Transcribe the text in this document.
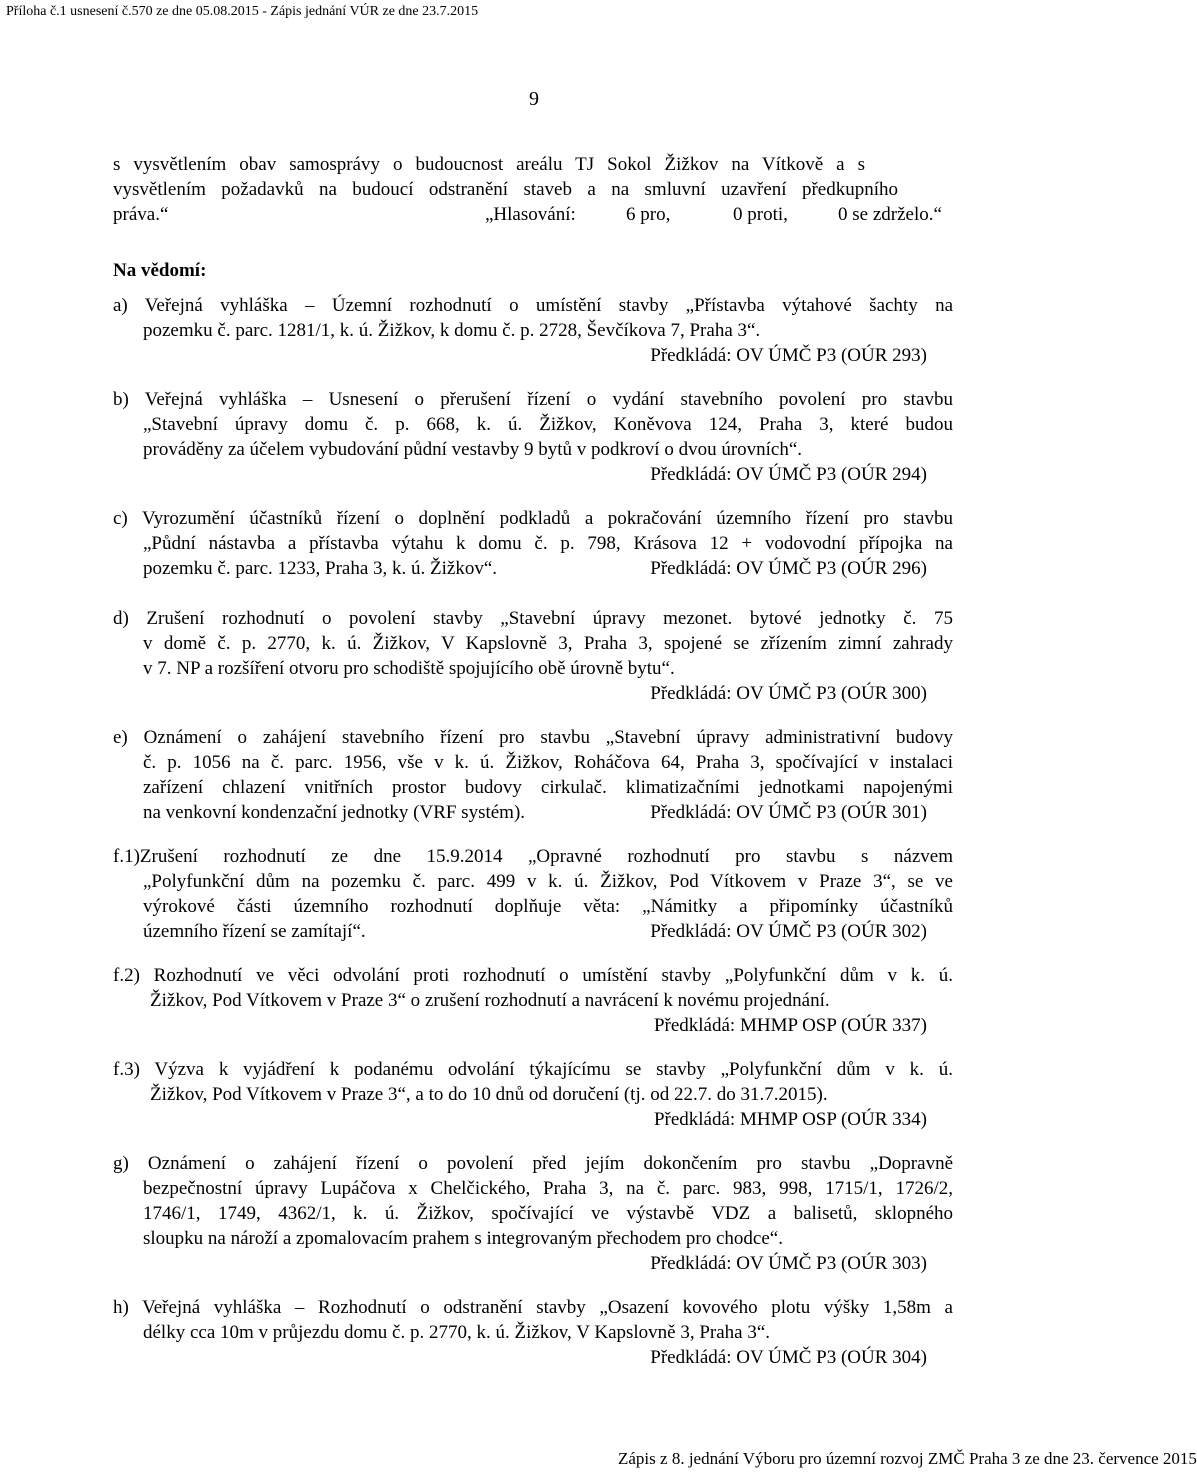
Příloha č.1 usnesení č.570 ze dne 05.08.2015 - Zápis jednání VÚR ze dne 23.7.2015
9
s vysvětlením obav samosprávy o budoucnost areálu TJ Sokol Žižkov na Vítkově a s
vysvětlením požadavků na budoucí odstranění staveb a na smluvní uzavření předkupního
práva.“	„Hlasování:	6 pro,	0 proti,	0 se zdrželo.“
Na vědomí:
a) Veřejná vyhláška – Územní rozhodnutí o umístění stavby „Přístavba výtahové šachty na
pozemku č. parc. 1281/1, k. ú. Žižkov, k domu č. p. 2728, Ševčíkova 7, Praha 3“.
Předkládá: OV ÚMČ P3 (OÚR 293)
b) Veřejná vyhláška – Usnesení o přerušení řízení o vydání stavebního povolení pro stavbu
„Stavební úpravy domu č. p. 668, k. ú. Žižkov, Koněvova 124, Praha 3, které budou
prováděny za účelem vybudování půdní vestavby 9 bytů v podkroví o dvou úrovních“.
Předkládá: OV ÚMČ P3 (OÚR 294)
c) Vyrozumění účastníků řízení o doplnění podkladů a pokračování územního řízení pro stavbu
„Půdní nástavba a přístavba výtahu k domu č. p. 798, Krásova 12 + vodovodní přípojka na
pozemku č. parc. 1233, Praha 3, k. ú. Žižkov“.	Předkládá: OV ÚMČ P3 (OÚR 296)
d) Zrušení rozhodnutí o povolení stavby „Stavební úpravy mezonet. bytové jednotky č. 75
v domě č. p. 2770, k. ú. Žižkov, V Kapslovně 3, Praha 3, spojené se zřízením zimní zahrady
v 7. NP a rozšíření otvoru pro schodiště spojujícího obě úrovně bytu“.
Předkládá: OV ÚMČ P3 (OÚR 300)
e) Oznámení o zahájení stavebního řízení pro stavbu „Stavební úpravy administrativní budovy
č. p. 1056 na č. parc. 1956, vše v k. ú. Žižkov, Roháčova 64, Praha 3, spočívající v instalaci
zařízení chlazení vnitřních prostor budovy cirkulač. klimatizačními jednotkami napojenými
na venkovní kondenzační jednotky (VRF systém).	Předkládá: OV ÚMČ P3 (OÚR 301)
f.1)Zrušení rozhodnutí ze dne 15.9.2014 „Opravné rozhodnutí pro stavbu s názvem
„Polyfunkční dům na pozemku č. parc. 499 v k. ú. Žižkov, Pod Vítkovem v Praze 3“, se ve
výrokové části územního rozhodnutí doplňuje věta: „Námitky a připomínky účastníků
územního řízení se zamítají“.	Předkládá: OV ÚMČ P3 (OÚR 302)
f.2) Rozhodnutí ve věci odvolání proti rozhodnutí o umístění stavby „Polyfunkční dům v k. ú.
Žižkov, Pod Vítkovem v Praze 3“ o zrušení rozhodnutí a navrácení k novému projednání.
Předkládá: MHMP OSP (OÚR 337)
f.3) Výzva k vyjádření k podanému odvolání týkajícímu se stavby „Polyfunkční dům v k. ú.
Žižkov, Pod Vítkovem v Praze 3“, a to do 10 dnů od doručení (tj. od 22.7. do 31.7.2015).
Předkládá: MHMP OSP (OÚR 334)
g) Oznámení o zahájení řízení o povolení před jejím dokončením pro stavbu „Dopravně
bezpečnostní úpravy Lupáčova x Chelčického, Praha 3, na č. parc. 983, 998, 1715/1, 1726/2,
1746/1, 1749, 4362/1, k. ú. Žižkov, spočívající ve výstavbě VDZ a balisetů, sklopného
sloupku na nároží a zpomalovacím prahem s integrovaným přechodem pro chodce“.
Předkládá: OV ÚMČ P3 (OÚR 303)
h) Veřejná vyhláška – Rozhodnutí o odstranění stavby „Osazení kovového plotu výšky 1,58m a
délky cca 10m v průjezdu domu č. p. 2770, k. ú. Žižkov, V Kapslovně 3, Praha 3“.
Předkládá: OV ÚMČ P3 (OÚR 304)
Zápis z 8. jednání Výboru pro územní rozvoj ZMČ Praha 3 ze dne 23. července 2015
